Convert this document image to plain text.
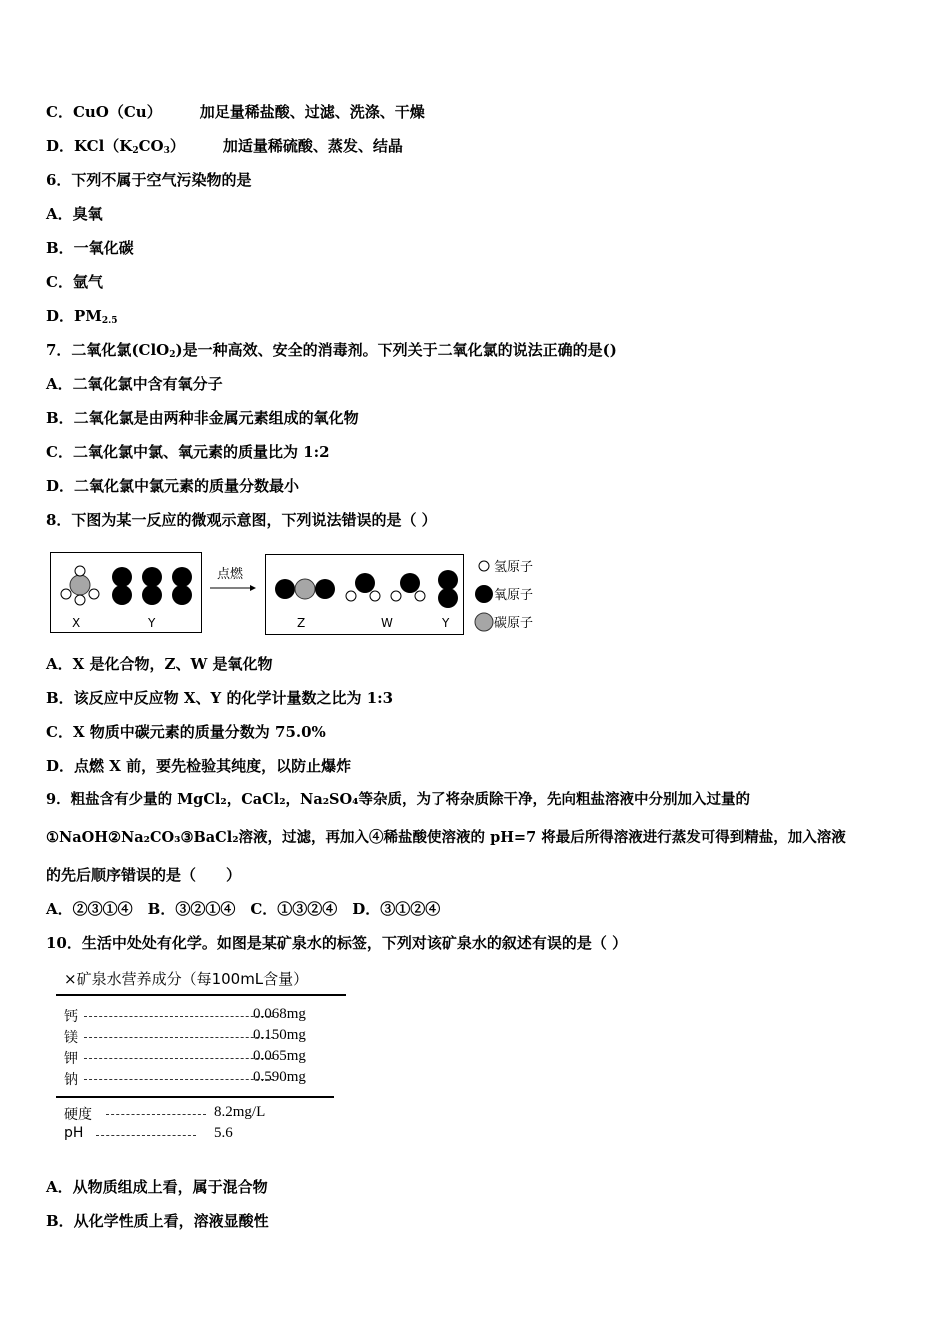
C．CuO（Cu）	加足量稀盐酸、过滤、洗涤、干燥
D．$KCl(K_2CO_3)$	加适量稀硫酸、蒸发、结晶
6．下列不属于空气污染物的是
A．臭氧
B．一氧化碳
C．氩气
D．$PM_{2.5}$
7．二氧化氯(ClO$_2$)是一种高效、安全的消毒剂。下列关于二氧化氯的说法正确的是()
A．二氧化氯中含有氧分子
B．二氧化氯是由两种非金属元素组成的氧化物
C．二氧化氯中氯、氧元素的质量比为 1:2
D．二氧化氯中氯元素的质量分数最小
8．下图为某一反应的微观示意图，下列说法错误的是（ ）
X	Y
点燃
Z	W	Y
氢原子
氧原子
碳原子
A．X 是化合物，Z、W 是氧化物
B．该反应中反应物 X、Y 的化学计量数之比为 1:3
C．X 物质中碳元素的质量分数为 75.0%
D．点燃 X 前，要先检验其纯度，以防止爆炸
9．粗盐含有少量的 MgCl₂，CaCl₂，Na₂SO₄等杂质，为了将杂质除干净，先向粗盐溶液中分别加入过量的
①NaOH②Na₂CO₃③BaCl₂溶液，过滤，再加入④稀盐酸使溶液的 pH=7 将最后所得溶液进行蒸发可得到精盐，加入溶液
的先后顺序错误的是（　　）
A．②③①④　B．③②①④　C．①③②④　D．③①②④
10．生活中处处有化学。如图是某矿泉水的标签，下列对该矿泉水的叙述有误的是（ ）
×矿泉水营养成分（每100mL含量）
钙	0.068mg
镁	0.150mg
钾	0.065mg
钠	0.590mg
硬度	8.2mg/L
pH	5.6
A．从物质组成上看，属于混合物
B．从化学性质上看，溶液显酸性
